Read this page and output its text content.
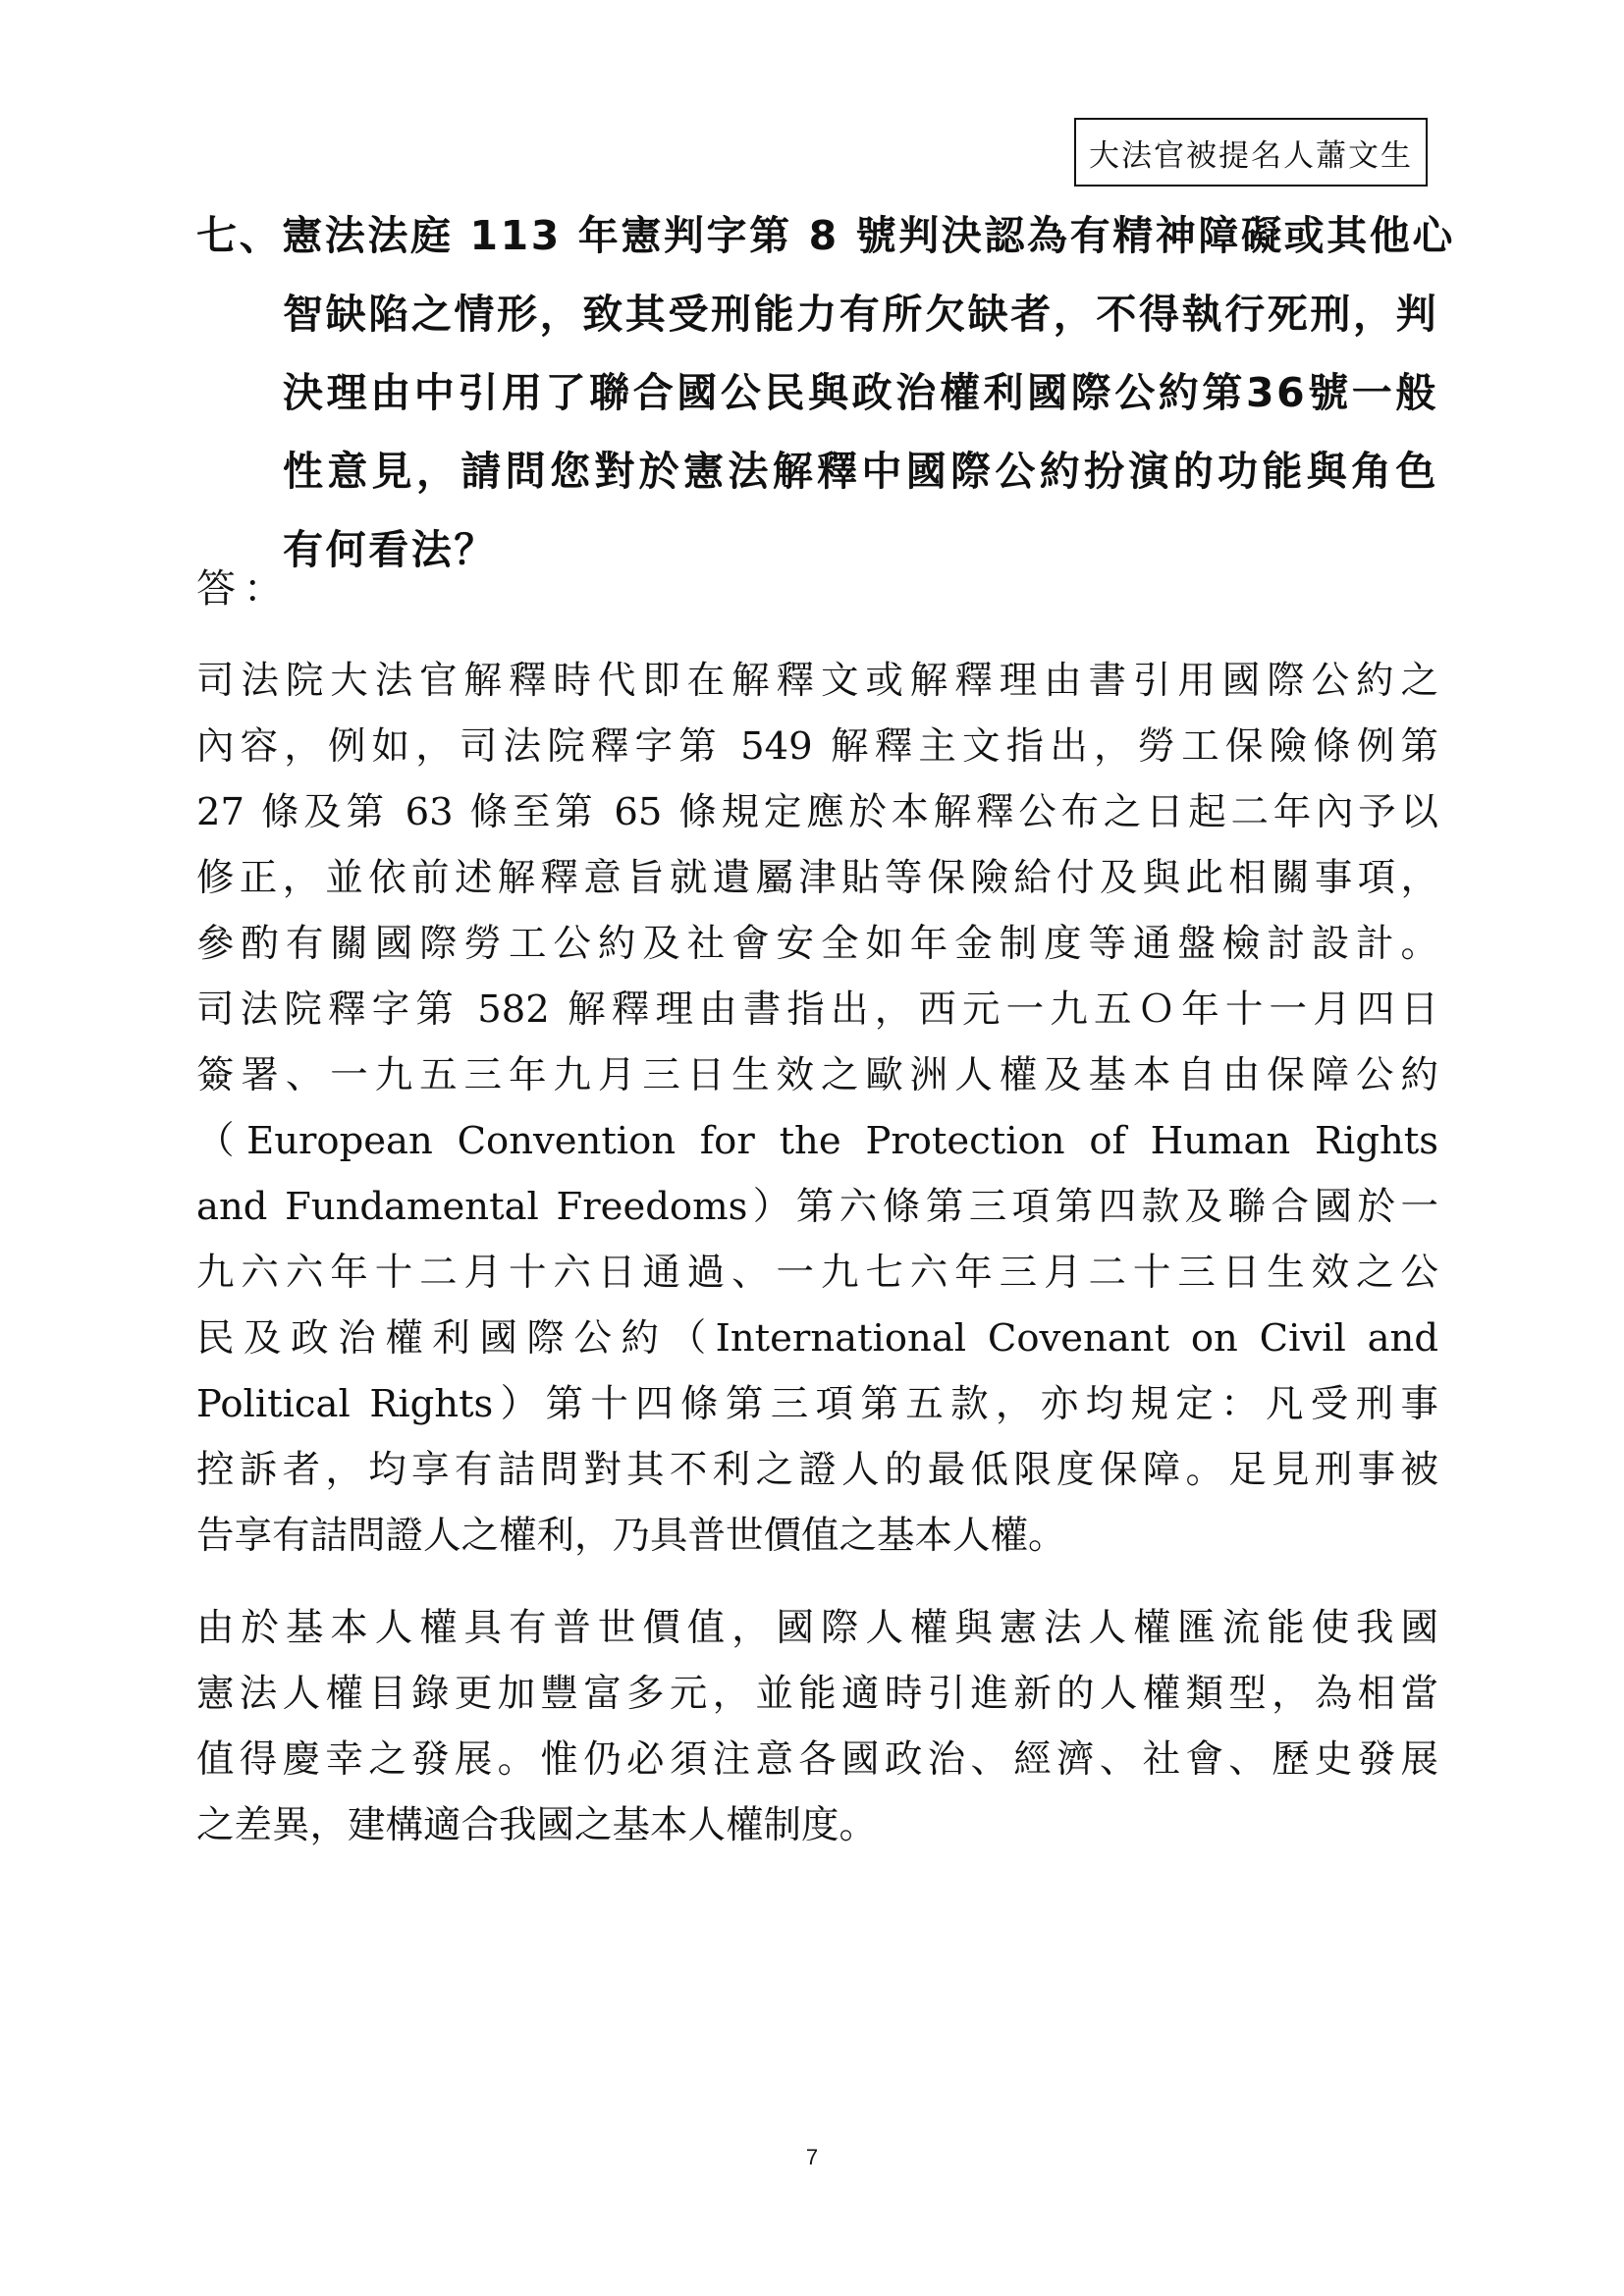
大法官被提名人蕭文生
七、憲法法庭 113 年憲判字第 8 號判決認為有精神障礙或其他心
智缺陷之情形，致其受刑能力有所欠缺者，不得執行死刑，判
決理由中引用了聯合國公民與政治權利國際公約第36號一般
性意見，請問您對於憲法解釋中國際公約扮演的功能與角色
有何看法？
答：
司法院大法官解釋時代即在解釋文或解釋理由書引用國際公約之
內容，例如，司法院釋字第 549 解釋主文指出，勞工保險條例第
27 條及第 63 條至第 65 條規定應於本解釋公布之日起二年內予以
修正，並依前述解釋意旨就遺屬津貼等保險給付及與此相關事項，
參酌有關國際勞工公約及社會安全如年金制度等通盤檢討設計。
司法院釋字第 582 解釋理由書指出，西元一九五Ｏ年十一月四日
簽署、一九五三年九月三日生效之歐洲人權及基本自由保障公約
（European Convention for the Protection of Human Rights
and Fundamental Freedoms）第六條第三項第四款及聯合國於一
九六六年十二月十六日通過、一九七六年三月二十三日生效之公
民及政治權利國際公約（International Covenant on Civil and
Political Rights）第十四條第三項第五款，亦均規定：凡受刑事
控訴者，均享有詰問對其不利之證人的最低限度保障。足見刑事被
告享有詰問證人之權利，乃具普世價值之基本人權。
由於基本人權具有普世價值，國際人權與憲法人權匯流能使我國
憲法人權目錄更加豐富多元，並能適時引進新的人權類型，為相當
值得慶幸之發展。惟仍必須注意各國政治、經濟、社會、歷史發展
之差異，建構適合我國之基本人權制度。
7
